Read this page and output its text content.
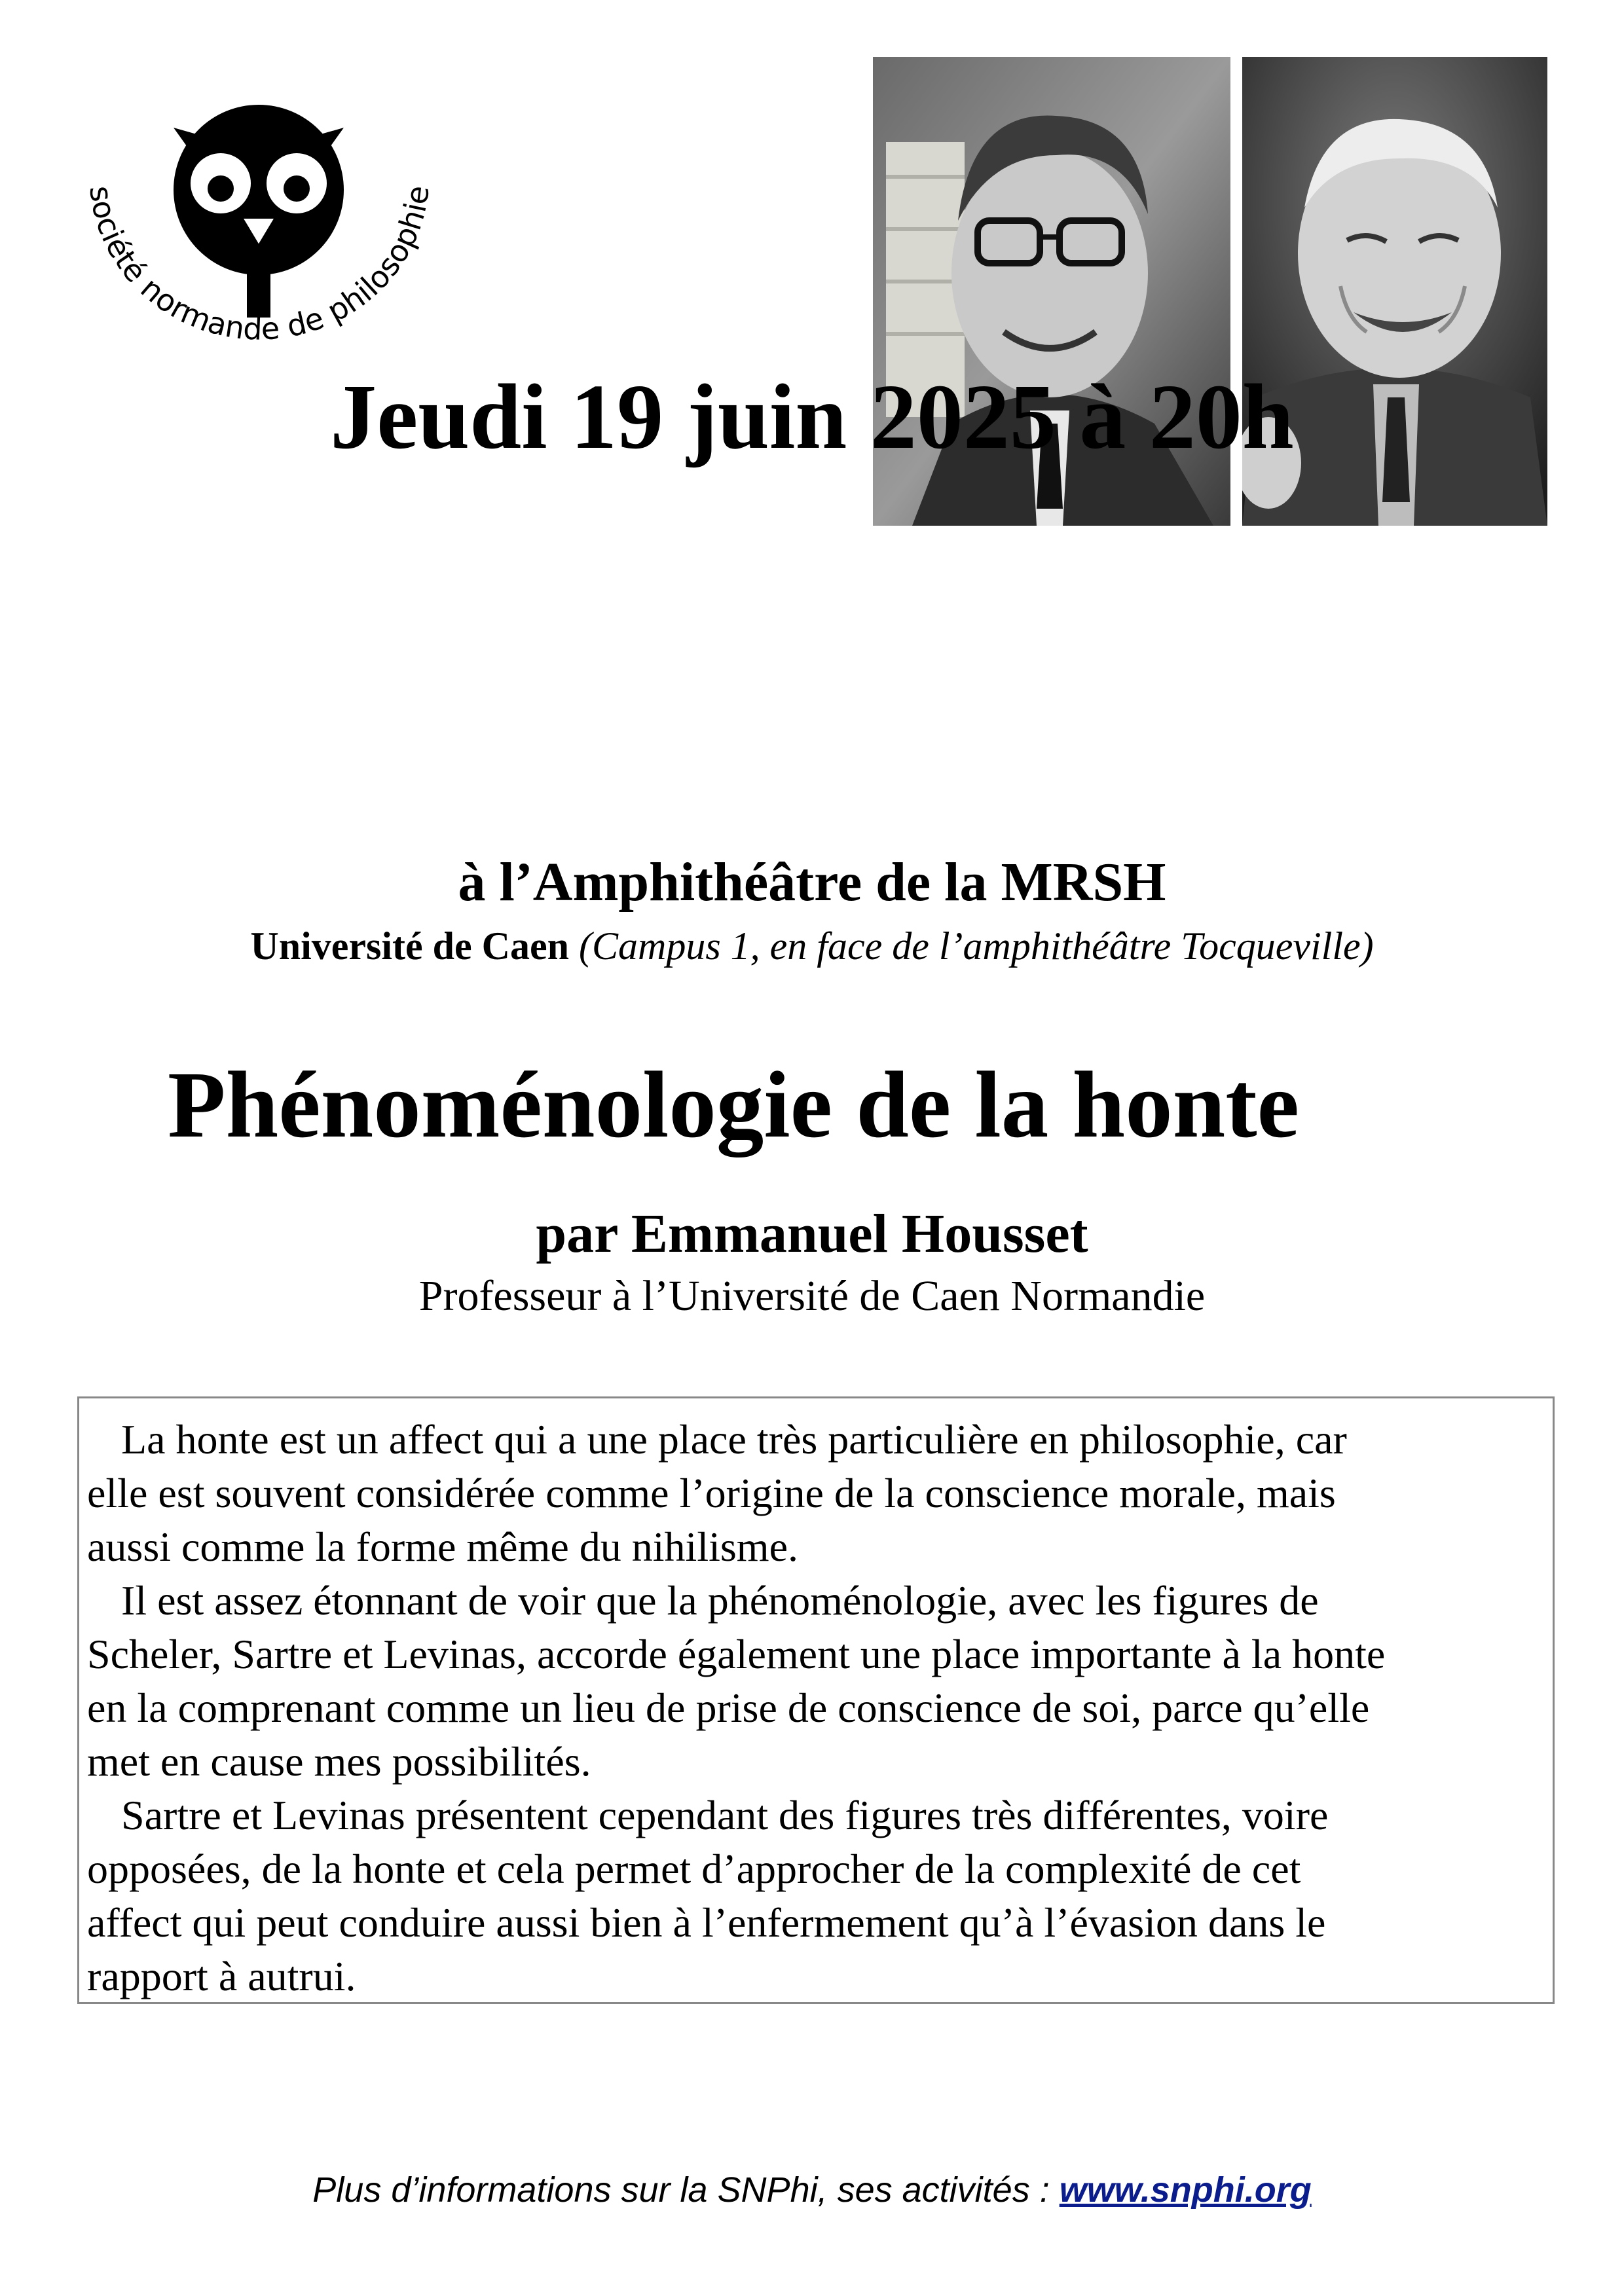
société normande de philosophie
Jeudi 19 juin 2025 à 20h
à l’Amphithéâtre de la MRSH
Université de Caen (Campus 1, en face de l’amphithéâtre Tocqueville)
Phénoménologie de la honte
par Emmanuel Housset
Professeur à l’Université de Caen Normandie

La honte est un affect qui a une place très particulière en philosophie, car
elle est souvent considérée comme l’origine de la conscience morale, mais
aussi comme la forme même du nihilisme.

Il est assez étonnant de voir que la phénoménologie, avec les figures de
Scheler, Sartre et Levinas, accorde également une place importante à la honte
en la comprenant comme un lieu de prise de conscience de soi, parce qu’elle
met en cause mes possibilités.

Sartre et Levinas présentent cependant des figures très différentes, voire
opposées, de la honte et cela permet d’approcher de la complexité de cet
affect qui peut conduire aussi bien à l’enfermement qu’à l’évasion dans le
rapport à autrui.

Plus d’informations sur la SNPhi, ses activités : www.snphi.org
